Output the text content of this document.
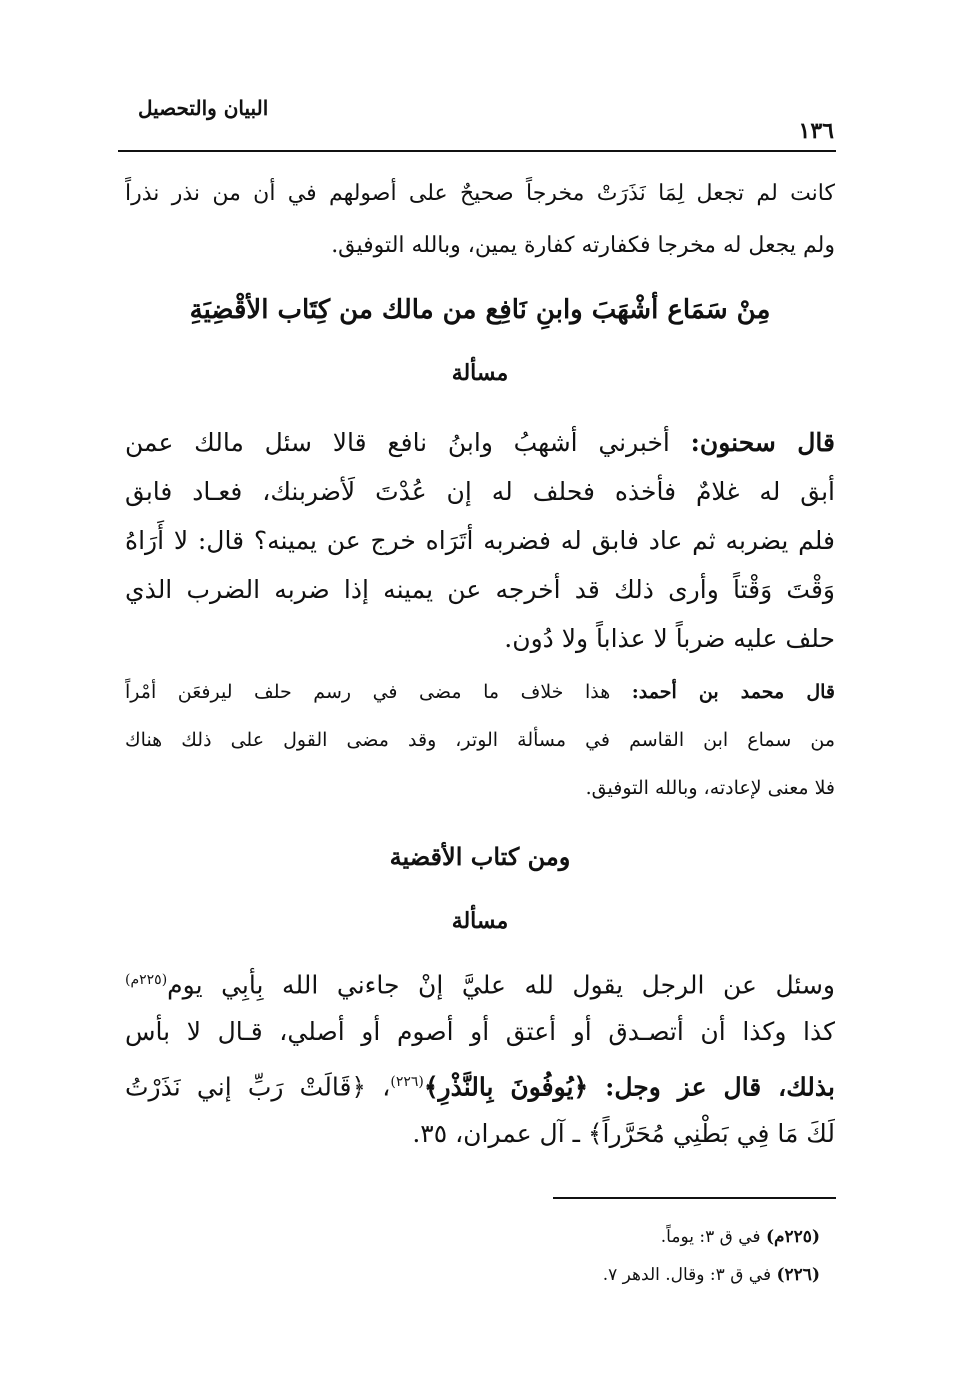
البيان والتحصيل
١٣٦
كانت لم تجعل لِمَا نَذَرَتْ مخرجاً صحيحٌ على أصولهم في أن من نذر نذراً
ولم يجعل له مخرجا فكفارته كفارة يمين، وبالله التوفيق.
مِنْ سَمَاع أشْهَبَ وابنِ نَافِع من مالك من كِتَاب الأقْضِيَةِ
مسألة
قال سحنون: أخبرني أشهبُ وابنُ نافع قالا سئل مالك عمن
أبق له غلامٌ فأخذه فحلف له إن عُدْتَ لَأضربنك، فعـاد فابق
فلم يضربه ثم عاد فابق له فضربه أتَرَاه خرج عن يمينه؟ قال: لا أَرَاهُ
وَقْتَ وَقْتاً وأرى ذلك قد أخرجه عن يمينه إذا ضربه الضرب الذي
حلف عليه ضرباً لا عذاباً ولا دُون.
قال محمد بن أحمد: هذا خلاف ما مضى في رسم حلف ليرفعَن أمْراً
من سماع ابن القاسم في مسألة الوتر، وقد مضى القول على ذلك هناك
فلا معنى لإعادته، وبالله التوفيق.
ومن كتاب الأقضية
مسألة
وسئل عن الرجل يقول لله عليَّ إنْ جاءني الله بِأبِي يوم$^{(٢٢٥م)}$
كذا وكذا أن أتصـدق أو أعتق أو أصوم أو أصلي، قـال لا بأس
بذلك، قال عز وجل: ﴿يُوفُونَ بِالنَّذْرِ﴾$^{(٢٢٦)}$، ﴿قَالَتْ رَبِّ إني نَذَرْتُ
لَكَ مَا فِي بَطْنِي مُحَرَّراً﴾ ـ آل عمران، ٣٥.
(٢٢٥م) في ق ٣: يوماً.
(٢٢٦) في ق ٣: وقال. الدهر ٧.
